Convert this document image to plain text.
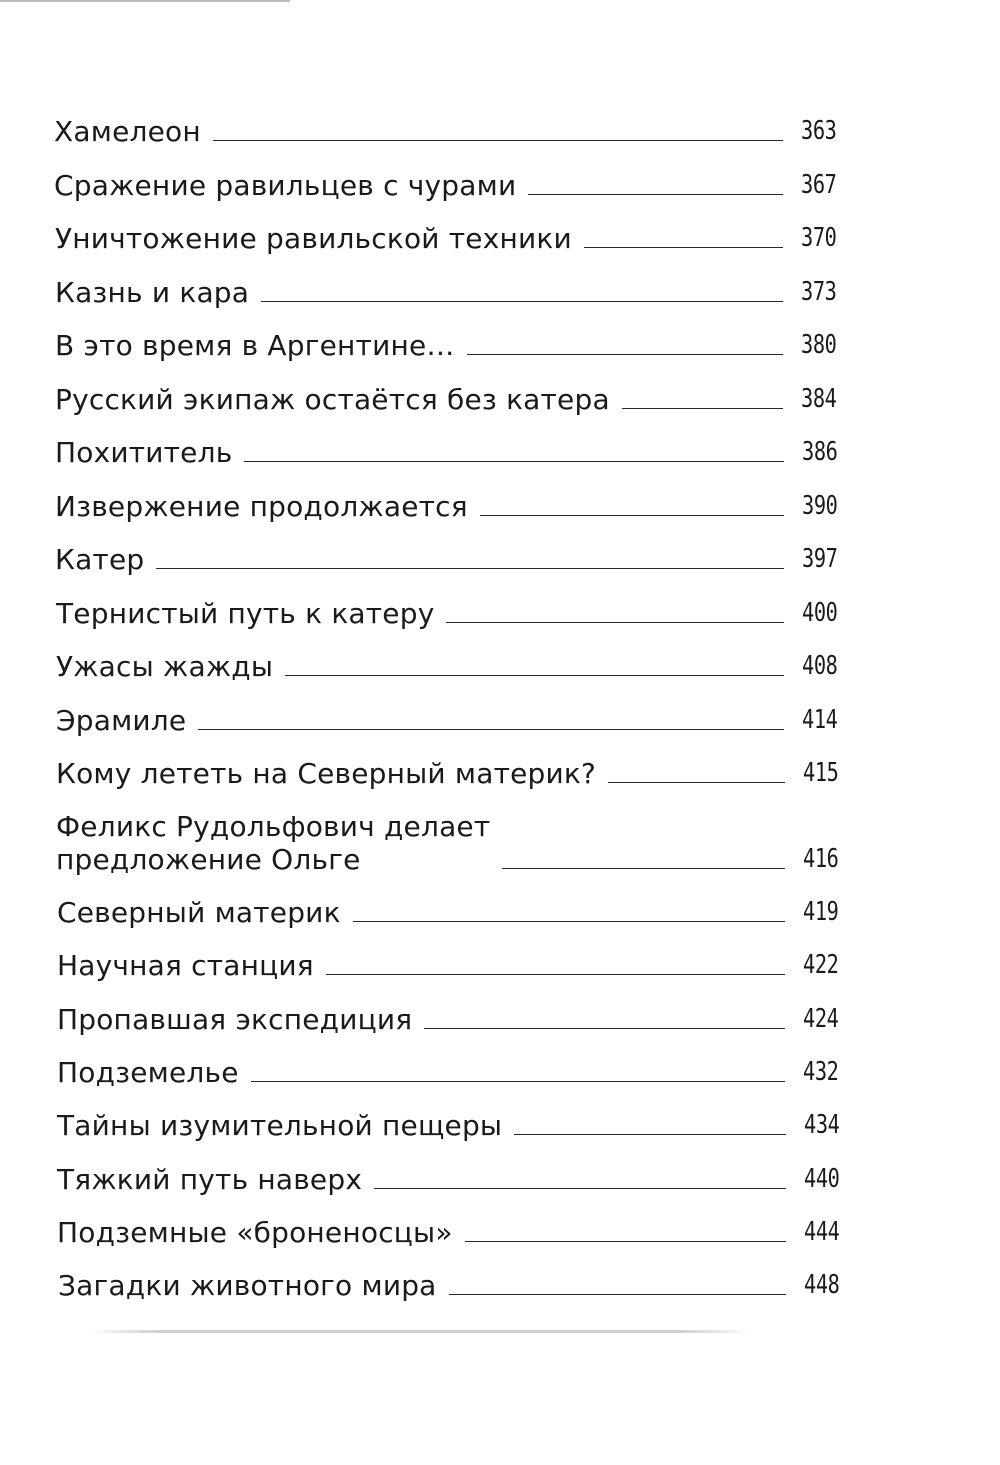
Хамелеон	363
Сражение равильцев с чурами	367
Уничтожение равильской техники	370
Казнь и кара	373
В это время в Аргентине…	380
Русский экипаж остаётся без катера	384
Похититель	386
Извержение продолжается	390
Катер	397
Тернистый путь к катеру	400
Ужасы жажды	408
Эрамиле	414
Кому лететь на Северный материк?	415
Феликс Рудольфович делает
предложение Ольге	416
Северный материк	419
Научная станция	422
Пропавшая экспедиция	424
Подземелье	432
Тайны изумительной пещеры	434
Тяжкий путь наверх	440
Подземные «броненосцы»	444
Загадки животного мира	448
